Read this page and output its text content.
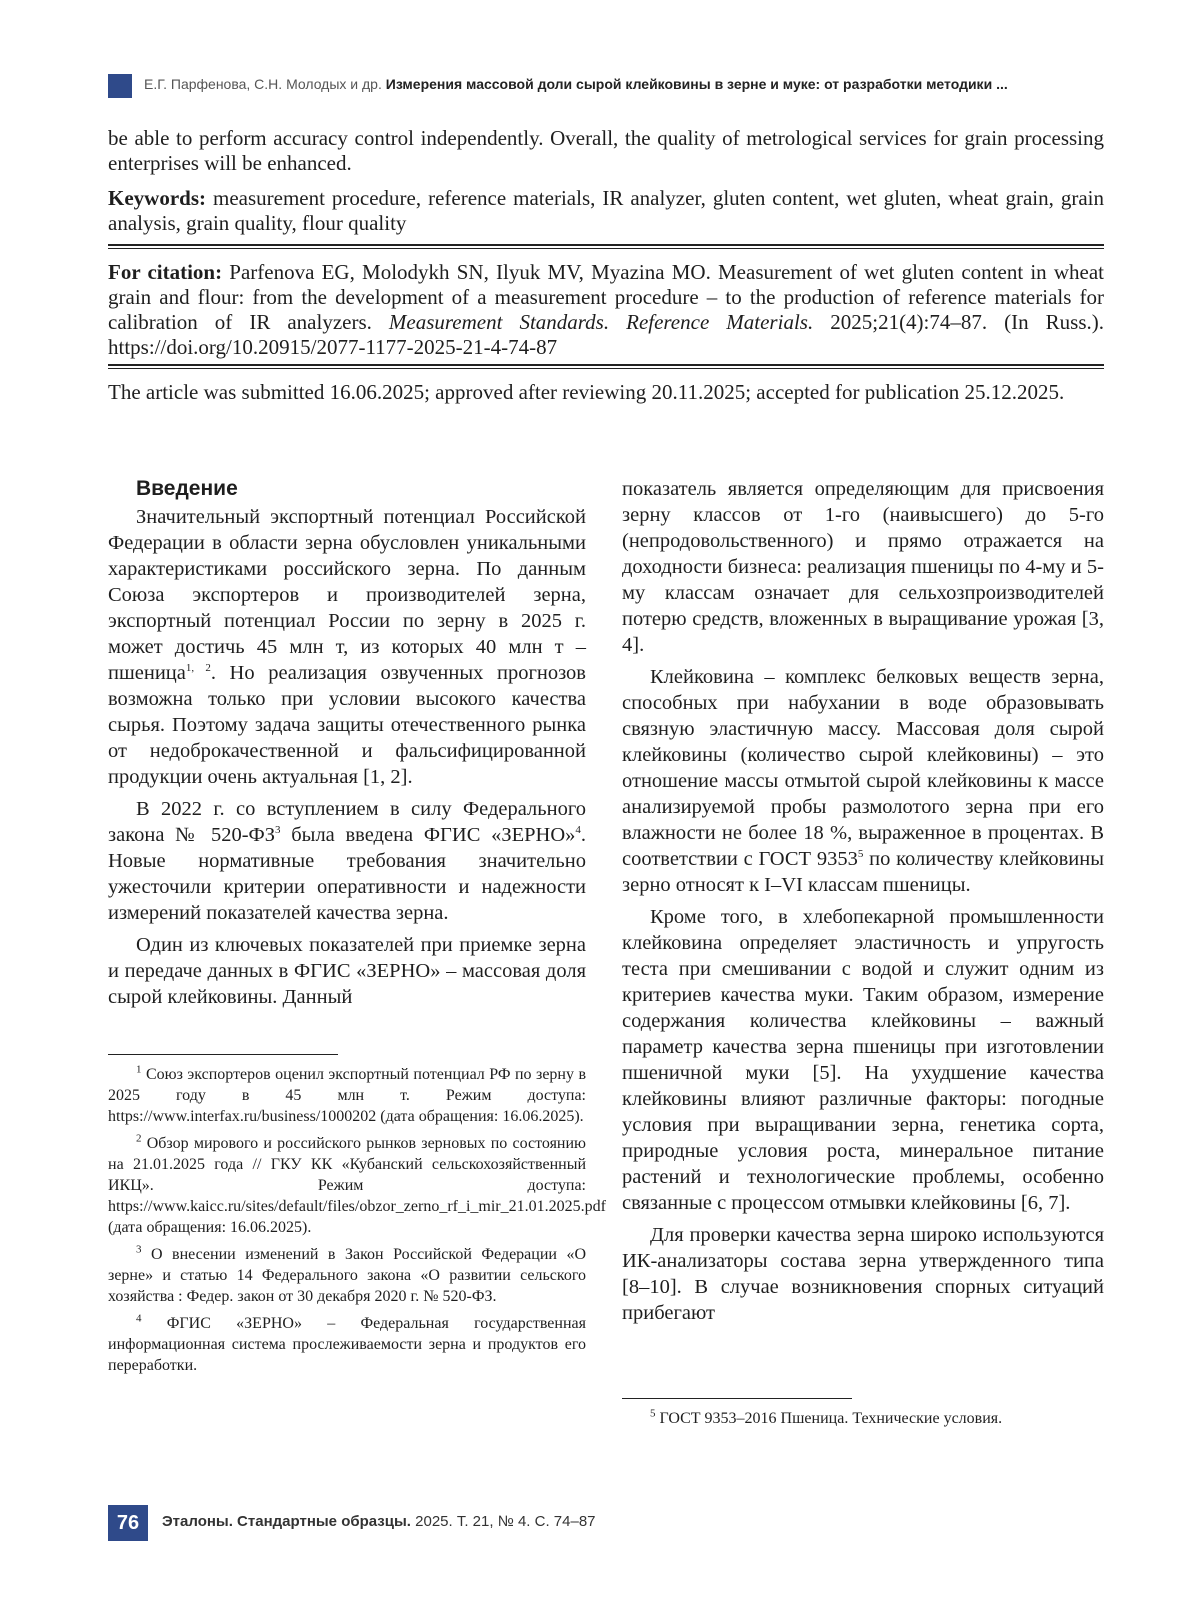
Е.Г. Парфенова, С.Н. Молодых и др. Измерения массовой доли сырой клейковины в зерне и муке: от разработки методики ...
be able to perform accuracy control independently. Overall, the quality of metrological services for grain processing enterprises will be enhanced.
Keywords: measurement procedure, reference materials, IR analyzer, gluten content, wet gluten, wheat grain, grain analysis, grain quality, flour quality
For citation: Parfenova EG, Molodykh SN, Ilyuk MV, Myazina MO. Measurement of wet gluten content in wheat grain and flour: from the development of a measurement procedure – to the production of reference materials for calibration of IR analyzers. Measurement Standards. Reference Materials. 2025;21(4):74–87. (In Russ.). https://doi.org/10.20915/2077-1177-2025-21-4-74-87
The article was submitted 16.06.2025; approved after reviewing 20.11.2025; accepted for publication 25.12.2025.
Введение

Значительный экспортный потенциал Российской Федерации в области зерна обусловлен уникальными характеристиками российского зерна. По данным Союза экспортеров и производителей зерна, экспортный потенциал России по зерну в 2025 г. может достичь 45 млн т, из которых 40 млн т – пшеница$^{1, 2}$. Но реализация озвученных прогнозов возможна только при условии высокого качества сырья. Поэтому задача защиты отечественного рынка от недоброкачественной и фальсифицированной продукции очень актуальная [1, 2].

В 2022 г. со вступлением в силу Федерального закона № $520-ФЗ^3$ была введена ФГИС «ЗЕРНО»$^4$. Новые нормативные требования значительно ужесточили критерии оперативности и надежности измерений показателей качества зерна.

Один из ключевых показателей при приемке зерна и передаче данных в ФГИС «ЗЕРНО» – массовая доля сырой клейковины. Данный

$^1$ Союз экспортеров оценил экспортный потенциал РФ по зерну в 2025 году в 45 млн т. Режим доступа: https://www.interfax.ru/business/1000202 (дата обращения: 16.06.2025).

$^2$ Обзор мирового и российского рынков зерновых по состоянию на 21.01.2025 года // ГКУ КК «Кубанский сельскохозяйственный ИКЦ». Режим доступа: https://www.kaicc.ru/sites/default/files/obzor_zerno_rf_i_mir_21.01.2025.pdf (дата обращения: 16.06.2025).

$^3$ О внесении изменений в Закон Российской Федерации «О зерне» и статью 14 Федерального закона «О развитии сельского хозяйства : Федер. закон от 30 декабря 2020 г. № 520-ФЗ.

$^4$ ФГИС «ЗЕРНО» – Федеральная государственная информационная система прослеживаемости зерна и продуктов его переработки.

показатель является определяющим для присвоения зерну классов от 1-го (наивысшего) до 5-го (непродовольственного) и прямо отражается на доходности бизнеса: реализация пшеницы по 4-му и 5-му классам означает для сельхозпроизводителей потерю средств, вложенных в выращивание урожая [3, 4].

Клейковина – комплекс белковых веществ зерна, способных при набухании в воде образовывать связную эластичную массу. Массовая доля сырой клейковины (количество сырой клейковины) – это отношение массы отмытой сырой клейковины к массе анализируемой пробы размолотого зерна при его влажности не более 18 %, выраженное в процентах. В соответствии с ГОСТ 9353$^5$ по количеству клейковины зерно относят к I–VI классам пшеницы.

Кроме того, в хлебопекарной промышленности клейковина определяет эластичность и упругость теста при смешивании с водой и служит одним из критериев качества муки. Таким образом, измерение содержания количества клейковины – важный параметр качества зерна пшеницы при изготовлении пшеничной муки [5]. На ухудшение качества клейковины влияют различные факторы: погодные условия при выращивании зерна, генетика сорта, природные условия роста, минеральное питание растений и технологические проблемы, особенно связанные с процессом отмывки клейковины [6, 7].

Для проверки качества зерна широко используются ИК-анализаторы состава зерна утвержденного типа [8–10]. В случае возникновения спорных ситуаций прибегают

$^5$ ГОСТ 9353–2016 Пшеница. Технические условия.

76	Эталоны. Стандартные образцы. 2025. Т. 21, № 4. С. 74–87
